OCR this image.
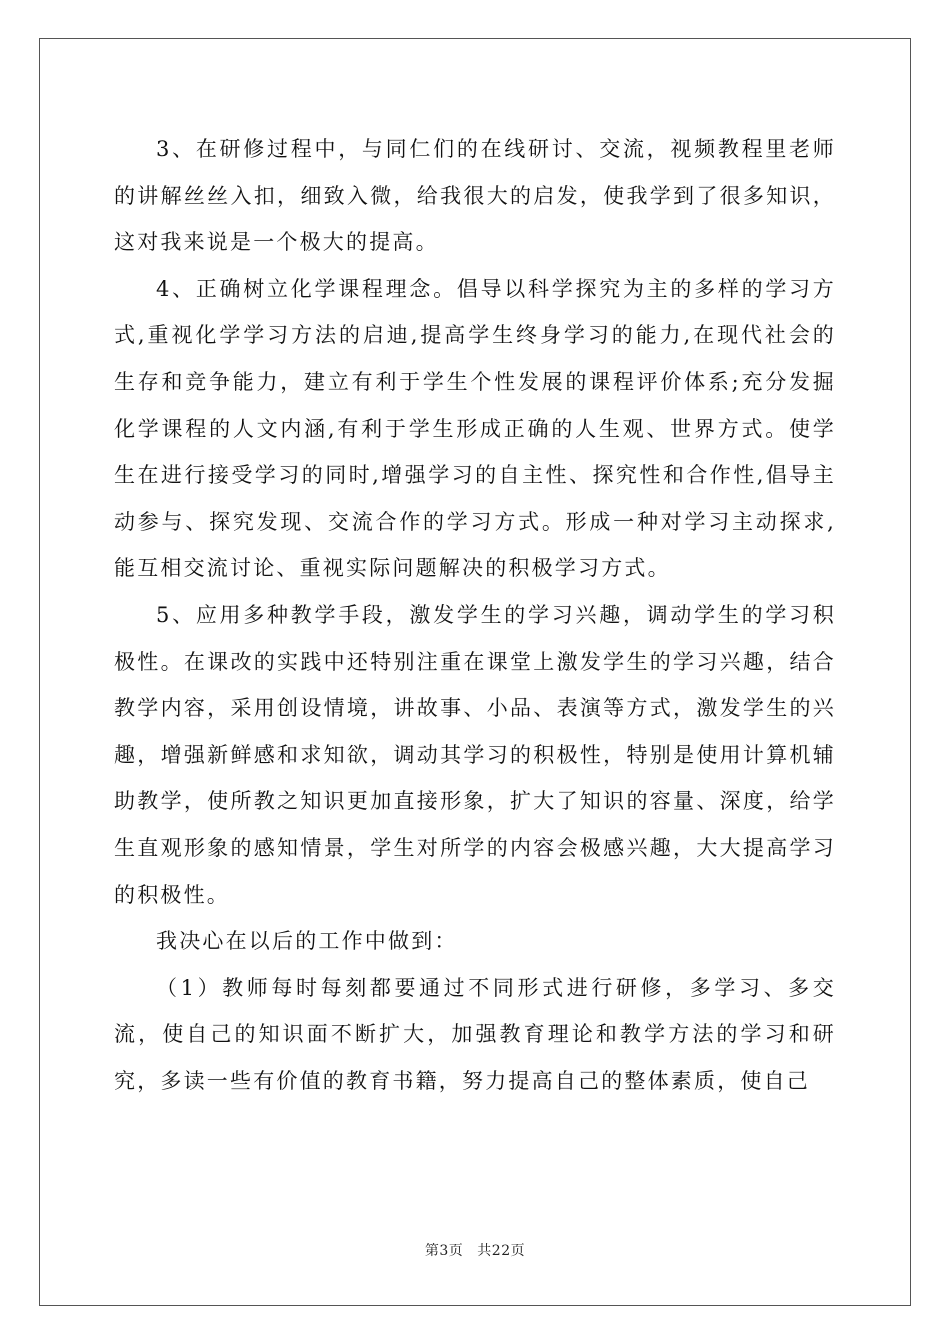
3、在研修过程中，与同仁们的在线研讨、交流，视频教程里老师的讲解丝丝入扣，细致入微，给我很大的启发，使我学到了很多知识，这对我来说是一个极大的提高。

4、正确树立化学课程理念。倡导以科学探究为主的多样的学习方式,重视化学学习方法的启迪,提高学生终身学习的能力,在现代社会的生存和竞争能力，建立有利于学生个性发展的课程评价体系;充分发掘化学课程的人文内涵,有利于学生形成正确的人生观、世界方式。使学生在进行接受学习的同时,增强学习的自主性、探究性和合作性,倡导主动参与、探究发现、交流合作的学习方式。形成一种对学习主动探求,能互相交流讨论、重视实际问题解决的积极学习方式。

5、应用多种教学手段，激发学生的学习兴趣，调动学生的学习积极性。在课改的实践中还特别注重在课堂上激发学生的学习兴趣，结合教学内容，采用创设情境，讲故事、小品、表演等方式，激发学生的兴趣，增强新鲜感和求知欲，调动其学习的积极性，特别是使用计算机辅助教学，使所教之知识更加直接形象，扩大了知识的容量、深度，给学生直观形象的感知情景，学生对所学的内容会极感兴趣，大大提高学习的积极性。

我决心在以后的工作中做到：

（1）教师每时每刻都要通过不同形式进行研修，多学习、多交流，使自己的知识面不断扩大，加强教育理论和教学方法的学习和研究，多读一些有价值的教育书籍，努力提高自己的整体素质，使自己

第3页 共22页
